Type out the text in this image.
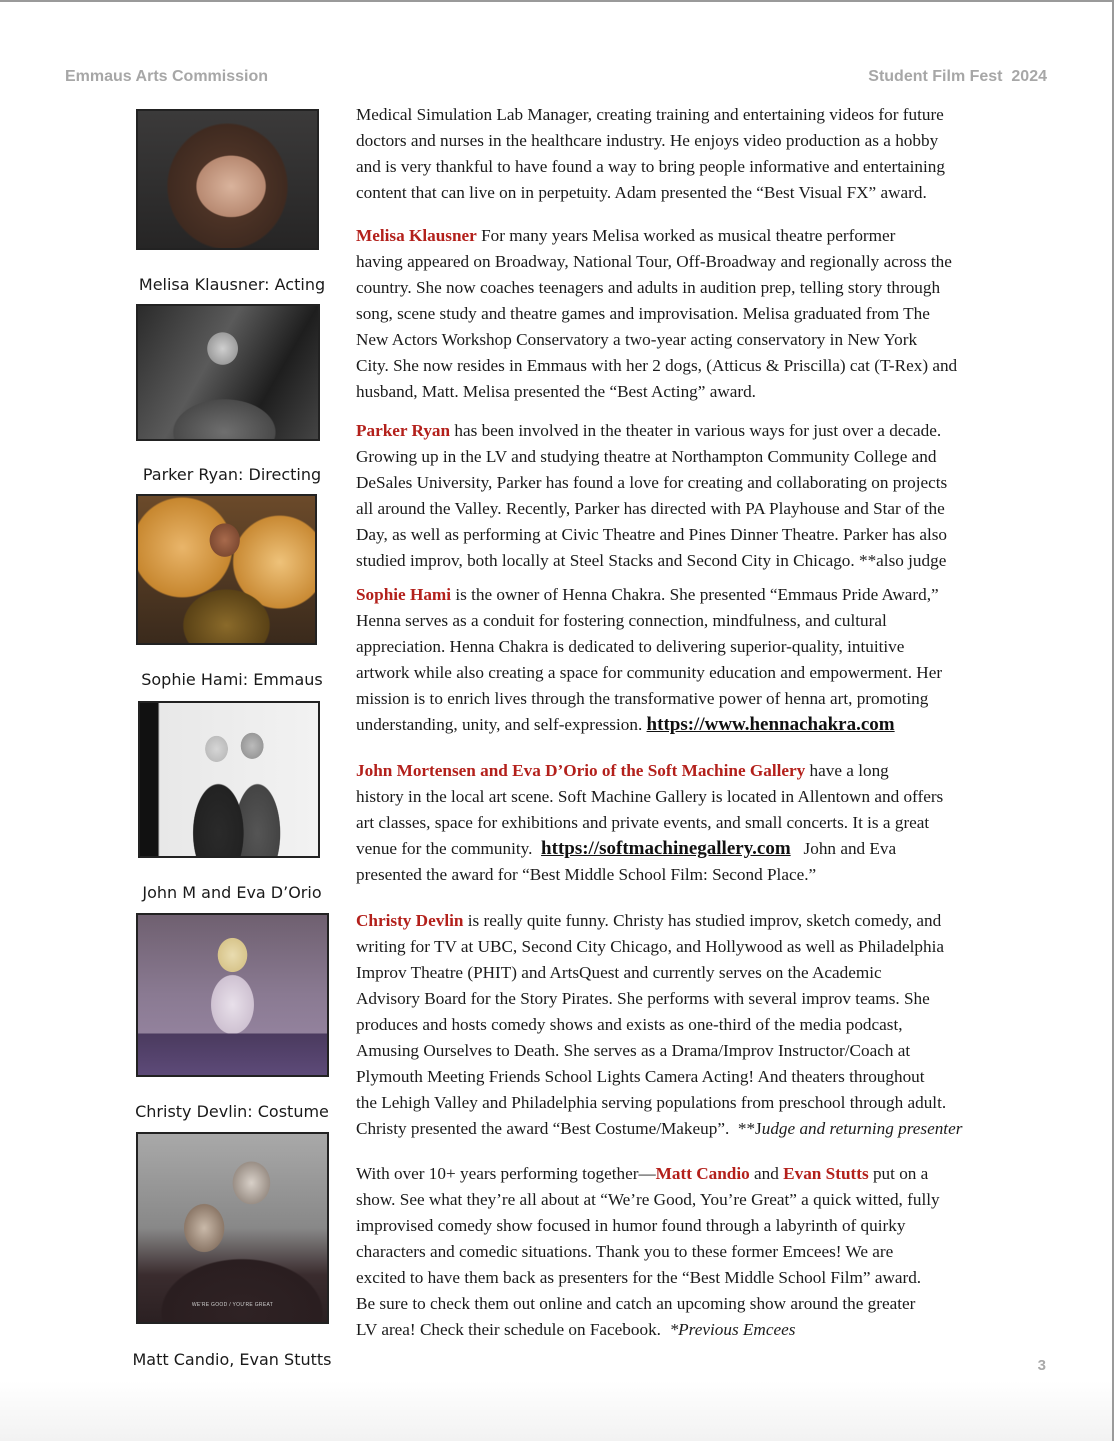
Emmaus Arts Commission	Student Film Fest  2024
Melisa Klausner: Acting
Parker Ryan: Directing
Sophie Hami: Emmaus
John M and Eva D’Orio
Christy Devlin: Costume
WE'RE GOOD / YOU'RE GREAT
Matt Candio, Evan Stutts
Medical Simulation Lab Manager, creating training and entertaining videos for future
doctors and nurses in the healthcare industry. He enjoys video production as a hobby
and is very thankful to have found a way to bring people informative and entertaining
content that can live on in perpetuity. Adam presented the “Best Visual FX” award.
Melisa Klausner For many years Melisa worked as musical theatre performer
having appeared on Broadway, National Tour, Off-Broadway and regionally across the
country. She now coaches teenagers and adults in audition prep, telling story through
song, scene study and theatre games and improvisation. Melisa graduated from The
New Actors Workshop Conservatory a two-year acting conservatory in New York
City. She now resides in Emmaus with her 2 dogs, (Atticus & Priscilla) cat (T-Rex) and
husband, Matt. Melisa presented the “Best Acting” award.
Parker Ryan has been involved in the theater in various ways for just over a decade.
Growing up in the LV and studying theatre at Northampton Community College and
DeSales University, Parker has found a love for creating and collaborating on projects
all around the Valley. Recently, Parker has directed with PA Playhouse and Star of the
Day, as well as performing at Civic Theatre and Pines Dinner Theatre. Parker has also
studied improv, both locally at Steel Stacks and Second City in Chicago. **also judge
Sophie Hami is the owner of Henna Chakra. She presented “Emmaus Pride Award,”
Henna serves as a conduit for fostering connection, mindfulness, and cultural
appreciation. Henna Chakra is dedicated to delivering superior-quality, intuitive
artwork while also creating a space for community education and empowerment. Her
mission is to enrich lives through the transformative power of henna art, promoting
understanding, unity, and self-expression. https://www.hennachakra.com
John Mortensen and Eva D’Orio of the Soft Machine Gallery have a long
history in the local art scene. Soft Machine Gallery is located in Allentown and offers
art classes, space for exhibitions and private events, and small concerts. It is a great
venue for the community.  https://softmachinegallery.com   John and Eva
presented the award for “Best Middle School Film: Second Place.”
Christy Devlin is really quite funny. Christy has studied improv, sketch comedy, and
writing for TV at UBC, Second City Chicago, and Hollywood as well as Philadelphia
Improv Theatre (PHIT) and ArtsQuest and currently serves on the Academic
Advisory Board for the Story Pirates. She performs with several improv teams. She
produces and hosts comedy shows and exists as one-third of the media podcast,
Amusing Ourselves to Death. She serves as a Drama/Improv Instructor/Coach at
Plymouth Meeting Friends School Lights Camera Acting! And theaters throughout
the Lehigh Valley and Philadelphia serving populations from preschool through adult.
Christy presented the award “Best Costume/Makeup”.  **Judge and returning presenter
With over 10+ years performing together—Matt Candio and Evan Stutts put on a
show. See what they’re all about at “We’re Good, You’re Great” a quick witted, fully
improvised comedy show focused in humor found through a labyrinth of quirky
characters and comedic situations. Thank you to these former Emcees! We are
excited to have them back as presenters for the “Best Middle School Film” award.
Be sure to check them out online and catch an upcoming show around the greater
LV area! Check their schedule on Facebook.  *Previous Emcees
3
